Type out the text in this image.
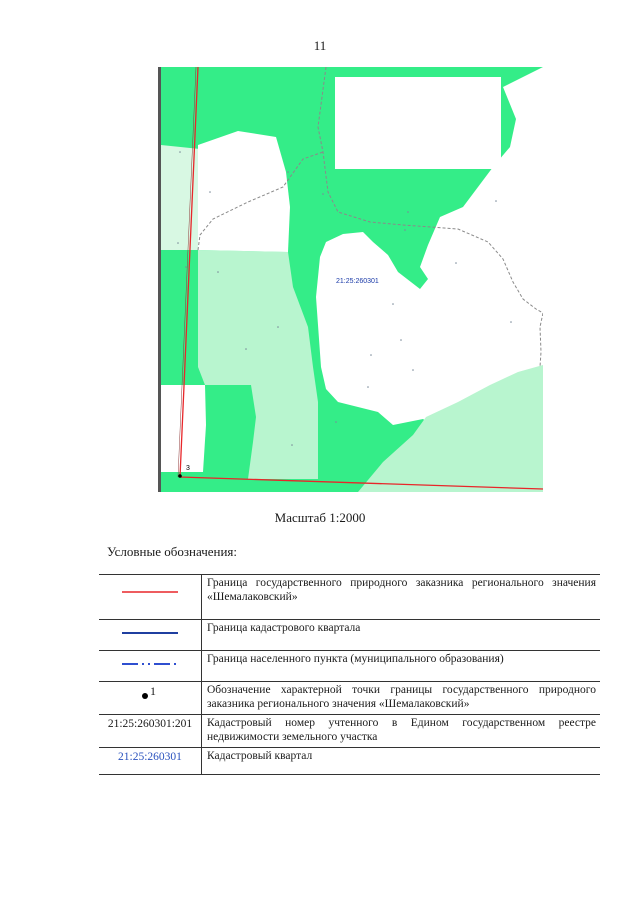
11
21:25:260301
3
Масштаб 1:2000
Условные обозначения:
	Граница государственного природного заказника регионального значения «Шемалаковский»

	Граница кадастрового квартала

	Граница населенного пункта (муниципального образования)

1	Обозначение характерной точки границы государственного природного заказника регионального значения «Шемалаковский»
21:25:260301:201	Кадастровый номер учтенного в Едином государственном реестре недвижимости земельного участка
21:25:260301	Кадастровый квартал
